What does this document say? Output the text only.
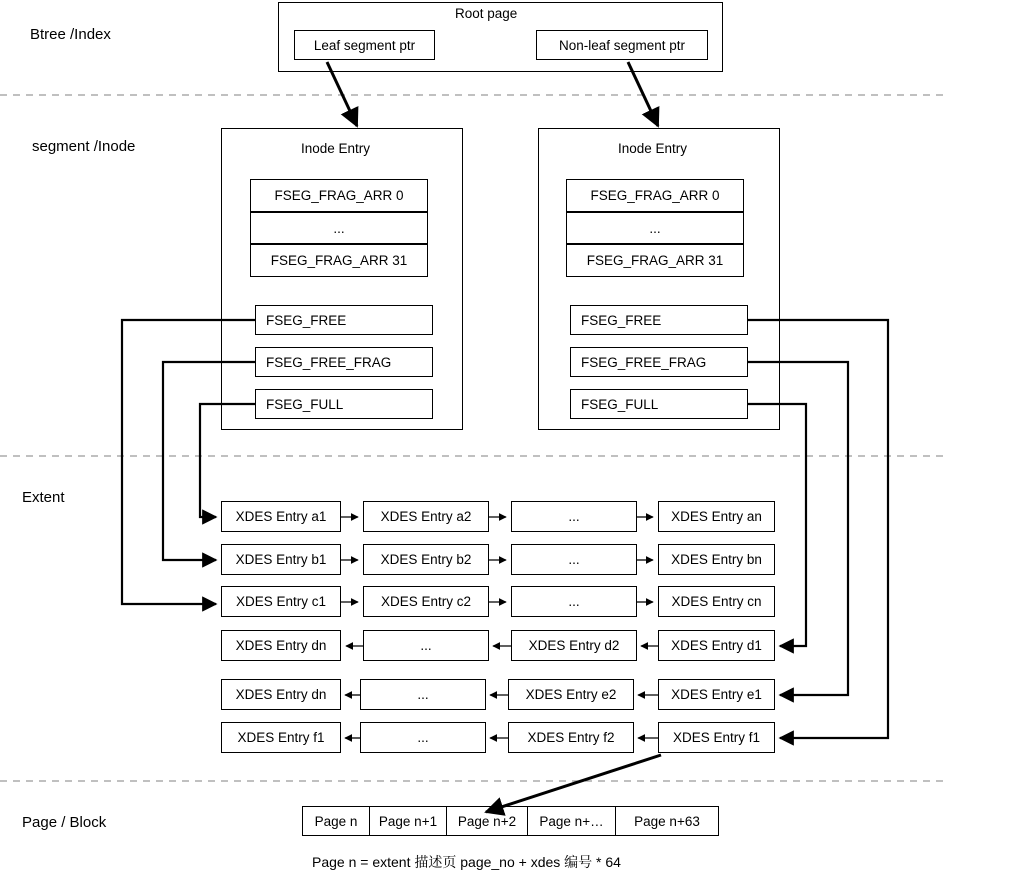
Btree /Index
segment /Inode
Extent
Page / Block
Root page
Leaf segment ptr	Non-leaf segment ptr
Inode Entry
FSEG_FRAG_ARR 0
...
FSEG_FRAG_ARR 31
FSEG_FREE
FSEG_FREE_FRAG
FSEG_FULL
Inode Entry
FSEG_FRAG_ARR 0
...
FSEG_FRAG_ARR 31
FSEG_FREE
FSEG_FREE_FRAG
FSEG_FULL
XDES Entry a1	XDES Entry a2	...	XDES Entry an
XDES Entry b1	XDES Entry b2	...	XDES Entry bn
XDES Entry c1	XDES Entry c2	...	XDES Entry cn
XDES Entry dn	...	XDES Entry d2	XDES Entry d1
XDES Entry dn	...	XDES Entry e2	XDES Entry e1
XDES Entry f1	...	XDES Entry f2	XDES Entry f1
Page n	Page n+1	Page n+2	Page n+…	Page n+63
Page n = extent 描述页 page_no + xdes 编号 * 64
